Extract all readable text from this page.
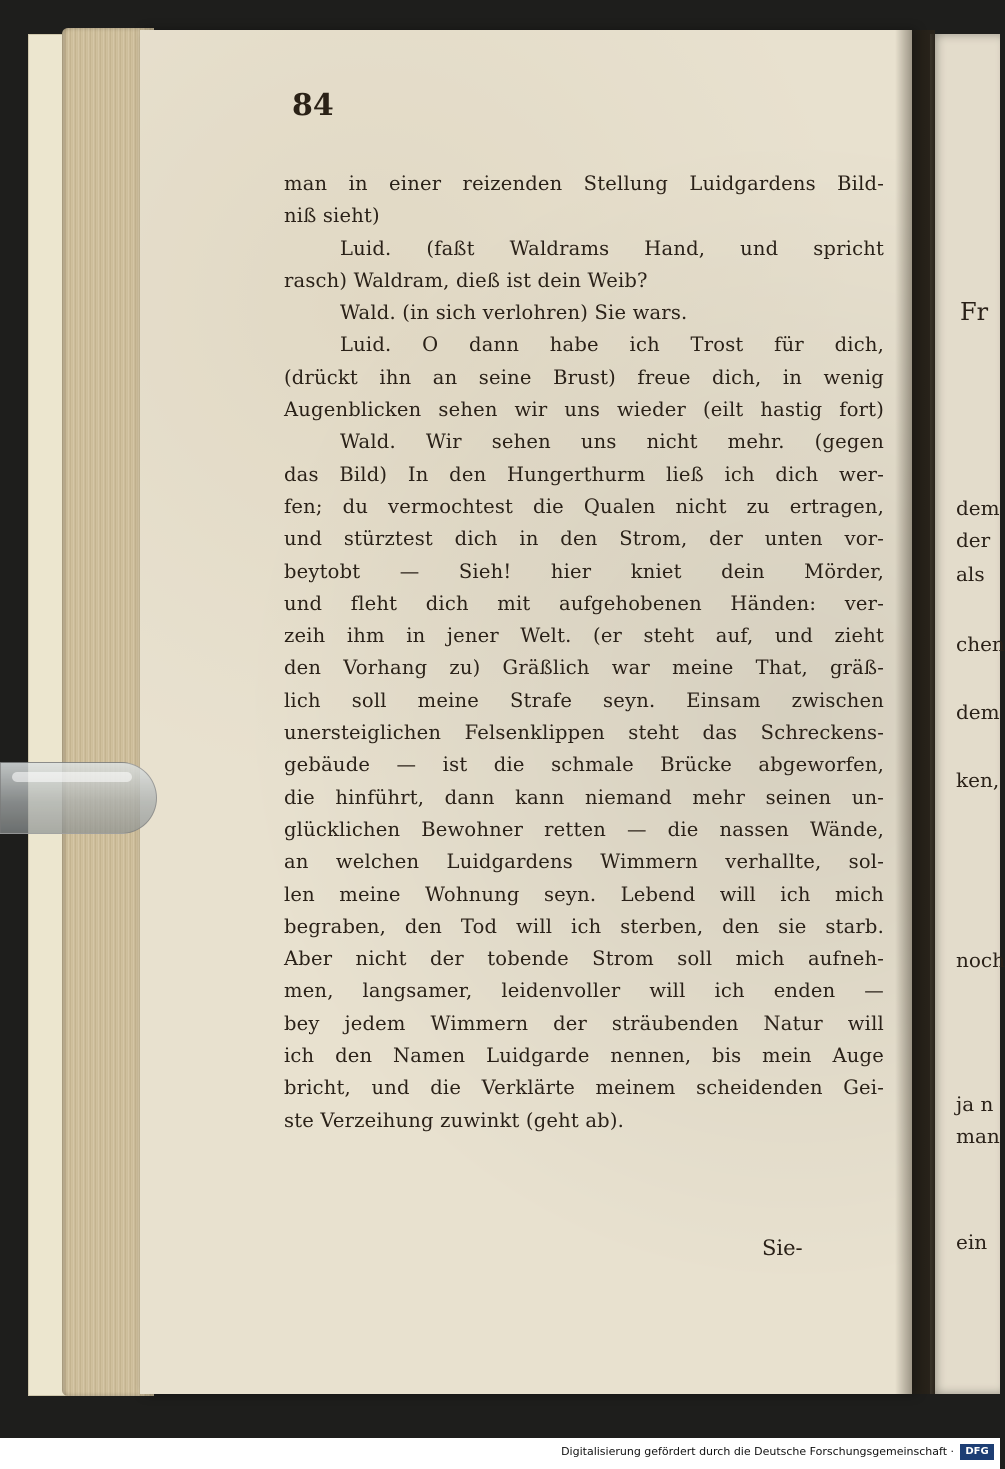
84
man in einer reizenden Stellung Luidgardens Bild-
niß sieht)
Luid. (faßt Waldrams Hand, und spricht
rasch) Waldram, dieß ist dein Weib?
Wald. (in sich verlohren) Sie wars.
Luid. O dann habe ich Trost für dich,
(drückt ihn an seine Brust) freue dich, in wenig
Augenblicken sehen wir uns wieder (eilt hastig fort)
Wald. Wir sehen uns nicht mehr. (gegen
das Bild) In den Hungerthurm ließ ich dich wer-
fen; du vermochtest die Qualen nicht zu ertragen,
und stürztest dich in den Strom, der unten vor-
beytobt — Sieh! hier kniet dein Mörder,
und fleht dich mit aufgehobenen Händen: ver-
zeih ihm in jener Welt. (er steht auf, und zieht
den Vorhang zu) Gräßlich war meine That, gräß-
lich soll meine Strafe seyn. Einsam zwischen
unersteiglichen Felsenklippen steht das Schreckens-
gebäude — ist die schmale Brücke abgeworfen,
die hinführt, dann kann niemand mehr seinen un-
glücklichen Bewohner retten — die nassen Wände,
an welchen Luidgardens Wimmern verhallte, sol-
len meine Wohnung seyn. Lebend will ich mich
begraben, den Tod will ich sterben, den sie starb.
Aber nicht der tobende Strom soll mich aufneh-
men, langsamer, leidenvoller will ich enden —
bey jedem Wimmern der sträubenden Natur will
ich den Namen Luidgarde nennen, bis mein Auge
bricht, und die Verklärte meinem scheidenden Gei-
ste Verzeihung zuwinkt (geht ab).
Sie-
Fr
dem
der
als
chen
dem
ken,
noch
ja n
man
ein
Digitalisierung gefördert durch die Deutsche Forschungsgemeinschaft ·	DFG
